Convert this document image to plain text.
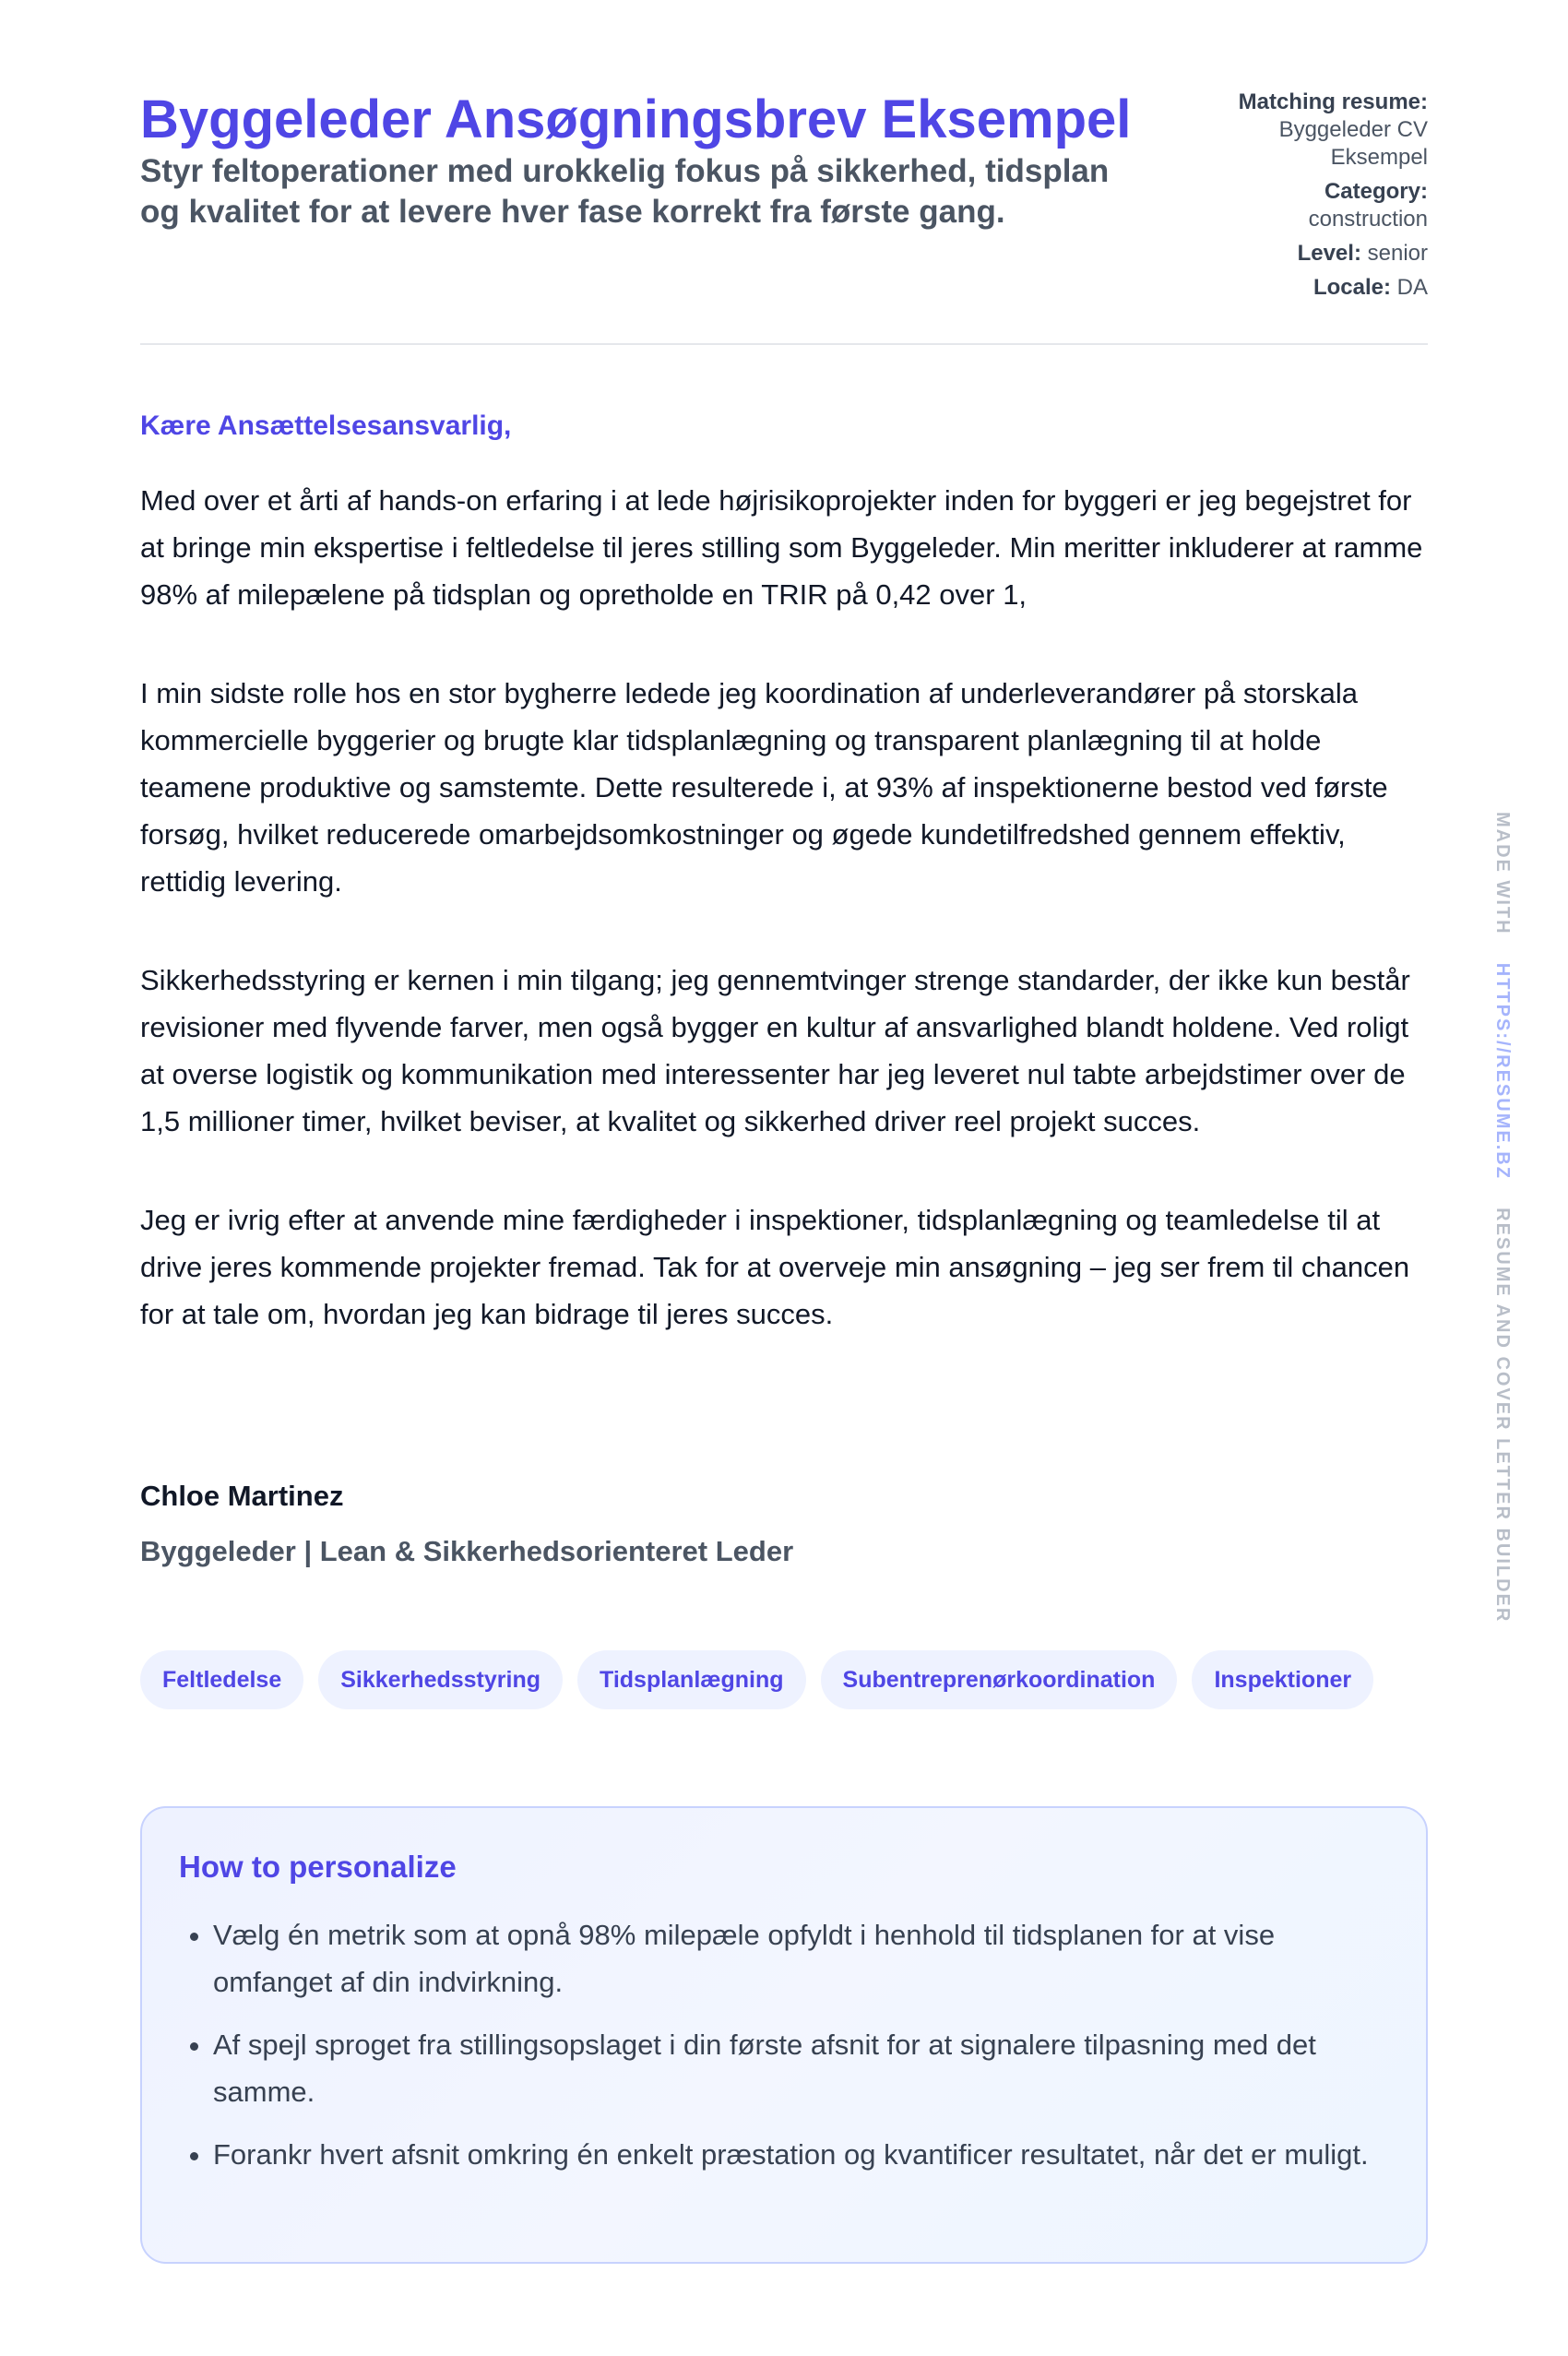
Byggeleder Ansøgningsbrev Eksempel

Styr feltoperationer med urokkelig fokus på sikkerhed, tidsplan og kvalitet for at levere hver fase korrekt fra første gang.

Matching resume:
Byggeleder CV Eksempel
Category:
construction
Level: senior
Locale: DA

Kære Ansættelsesansvarlig,

Med over et årti af hands-on erfaring i at lede højrisikoprojekter inden for byggeri er jeg begejstret for at bringe min ekspertise i feltledelse til jeres stilling som Byggeleder. Min meritter inkluderer at ramme 98% af milepælene på tidsplan og opretholde en TRIR på 0,42 over 1,

I min sidste rolle hos en stor bygherre ledede jeg koordination af underleverandører på storskala kommercielle byggerier og brugte klar tidsplanlægning og transparent planlægning til at holde teamene produktive og samstemte. Dette resulterede i, at 93% af inspektionerne bestod ved første forsøg, hvilket reducerede omarbejdsomkostninger og øgede kundetilfredshed gennem effektiv, rettidig levering.

Sikkerhedsstyring er kernen i min tilgang; jeg gennemtvinger strenge standarder, der ikke kun består revisioner med flyvende farver, men også bygger en kultur af ansvarlighed blandt holdene. Ved roligt at overse logistik og kommunikation med interessenter har jeg leveret nul tabte arbejdstimer over de 1,5 millioner timer, hvilket beviser, at kvalitet og sikkerhed driver reel projekt succes.

Jeg er ivrig efter at anvende mine færdigheder i inspektioner, tidsplanlægning og teamledelse til at drive jeres kommende projekter fremad. Tak for at overveje min ansøgning – jeg ser frem til chancen for at tale om, hvordan jeg kan bidrage til jeres succes.

Chloe Martinez

Byggeleder | Lean & Sikkerhedsorienteret Leder

Feltledelse	Sikkerhedsstyring	Tidsplanlægning	Subentreprenørkoordination	Inspektioner
How to personalize
• Vælg én metrik som at opnå 98% milepæle opfyldt i henhold til tidsplanen for at vise omfanget af din indvirkning.
• Af spejl sproget fra stillingsopslaget i din første afsnit for at signalere tilpasning med det samme.
• Forankr hvert afsnit omkring én enkelt præstation og kvantificer resultatet, når det er muligt.
MADE WITH    HTTPS://RESUME.BZ    RESUME AND COVER LETTER BUILDER
